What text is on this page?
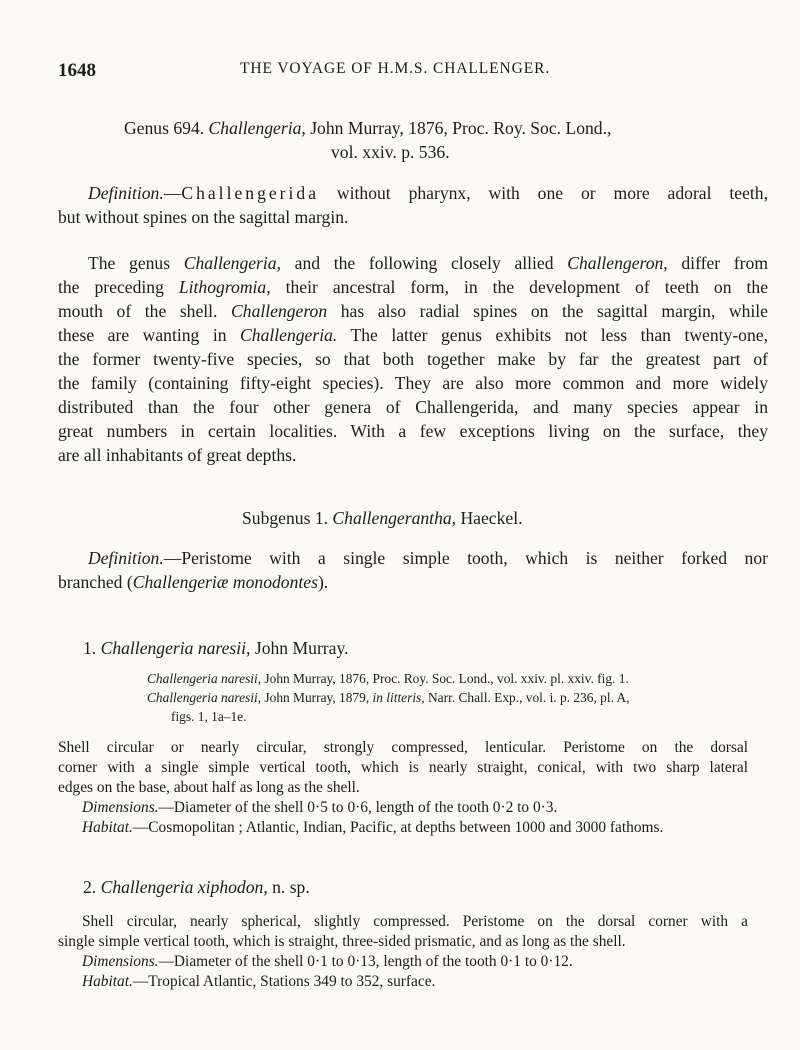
1648	THE VOYAGE OF H.M.S. CHALLENGER.
Genus 694. Challengeria, John Murray, 1876, Proc. Roy. Soc. Lond.,
vol. xxiv. p. 536.
Definition.—Challengerida without pharynx, with one or more adoral teeth,
but without spines on the sagittal margin.
The genus Challengeria, and the following closely allied Challengeron, differ from
the preceding Lithogromia, their ancestral form, in the development of teeth on the
mouth of the shell. Challengeron has also radial spines on the sagittal margin, while
these are wanting in Challengeria. The latter genus exhibits not less than twenty-one,
the former twenty-five species, so that both together make by far the greatest part of
the family (containing fifty-eight species). They are also more common and more widely
distributed than the four other genera of Challengerida, and many species appear in
great numbers in certain localities. With a few exceptions living on the surface, they
are all inhabitants of great depths.
Subgenus 1. Challengerantha, Haeckel.
Definition.—Peristome with a single simple tooth, which is neither forked nor
branched (Challengeriæ monodontes).
1. Challengeria naresii, John Murray.
Challengeria naresii, John Murray, 1876, Proc. Roy. Soc. Lond., vol. xxiv. pl. xxiv. fig. 1.
Challengeria naresii, John Murray, 1879, in litteris, Narr. Chall. Exp., vol. i. p. 236, pl. A,
figs. 1, 1a–1e.
Shell circular or nearly circular, strongly compressed, lenticular. Peristome on the dorsal
corner with a single simple vertical tooth, which is nearly straight, conical, with two sharp lateral
edges on the base, about half as long as the shell.
Dimensions.—Diameter of the shell 0·5 to 0·6, length of the tooth 0·2 to 0·3.
Habitat.—Cosmopolitan ; Atlantic, Indian, Pacific, at depths between 1000 and 3000 fathoms.
2. Challengeria xiphodon, n. sp.
Shell circular, nearly spherical, slightly compressed. Peristome on the dorsal corner with a
single simple vertical tooth, which is straight, three-sided prismatic, and as long as the shell.
Dimensions.—Diameter of the shell 0·1 to 0·13, length of the tooth 0·1 to 0·12.
Habitat.—Tropical Atlantic, Stations 349 to 352, surface.
